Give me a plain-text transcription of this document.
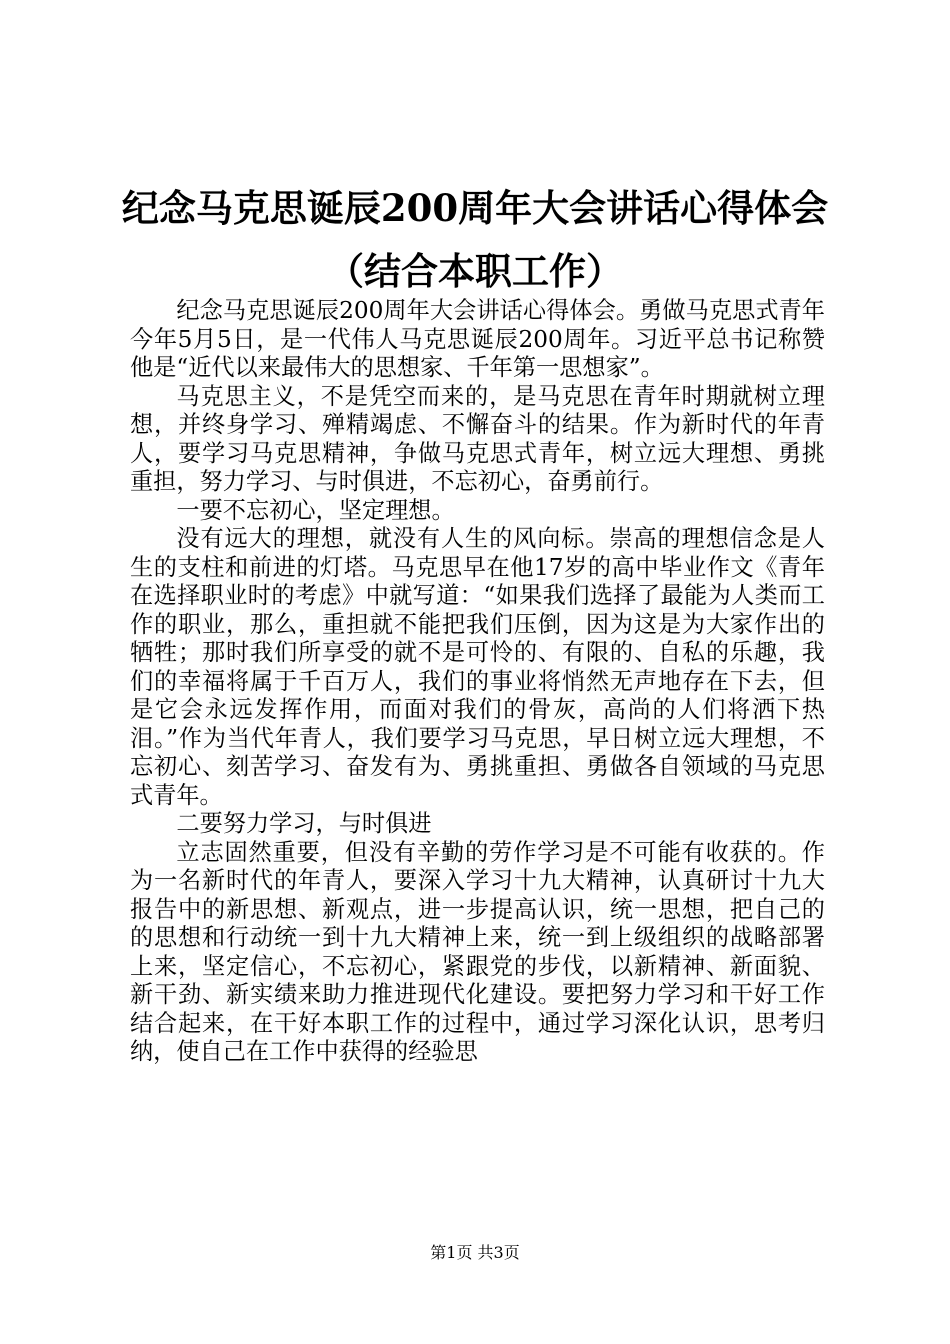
纪念马克思诞辰200周年大会讲话心得体会
（结合本职工作）

纪念马克思诞辰200周年大会讲话心得体会。勇做马克思式青年今年5月5日，是一代伟人马克思诞辰200周年。习近平总书记称赞他是“近代以来最伟大的思想家、千年第一思想家”。

马克思主义，不是凭空而来的，是马克思在青年时期就树立理想，并终身学习、殚精竭虑、不懈奋斗的结果。作为新时代的年青人，要学习马克思精神，争做马克思式青年，树立远大理想、勇挑重担，努力学习、与时俱进，不忘初心，奋勇前行。

一要不忘初心，坚定理想。

没有远大的理想，就没有人生的风向标。崇高的理想信念是人生的支柱和前进的灯塔。马克思早在他17岁的高中毕业作文《青年在选择职业时的考虑》中就写道：“如果我们选择了最能为人类而工作的职业，那么，重担就不能把我们压倒，因为这是为大家作出的牺牲；那时我们所享受的就不是可怜的、有限的、自私的乐趣，我们的幸福将属于千百万人，我们的事业将悄然无声地存在下去，但是它会永远发挥作用，而面对我们的骨灰，高尚的人们将洒下热泪。”作为当代年青人，我们要学习马克思，早日树立远大理想，不忘初心、刻苦学习、奋发有为、勇挑重担、勇做各自领域的马克思式青年。

二要努力学习，与时俱进

立志固然重要，但没有辛勤的劳作学习是不可能有收获的。作为一名新时代的年青人，要深入学习十九大精神，认真研讨十九大报告中的新思想、新观点，进一步提高认识，统一思想，把自己的的思想和行动统一到十九大精神上来，统一到上级组织的战略部署上来，坚定信心，不忘初心，紧跟党的步伐，以新精神、新面貌、新干劲、新实绩来助力推进现代化建设。要把努力学习和干好工作结合起来，在干好本职工作的过程中，通过学习深化认识，思考归纳，使自己在工作中获得的经验思

第1页 共3页
